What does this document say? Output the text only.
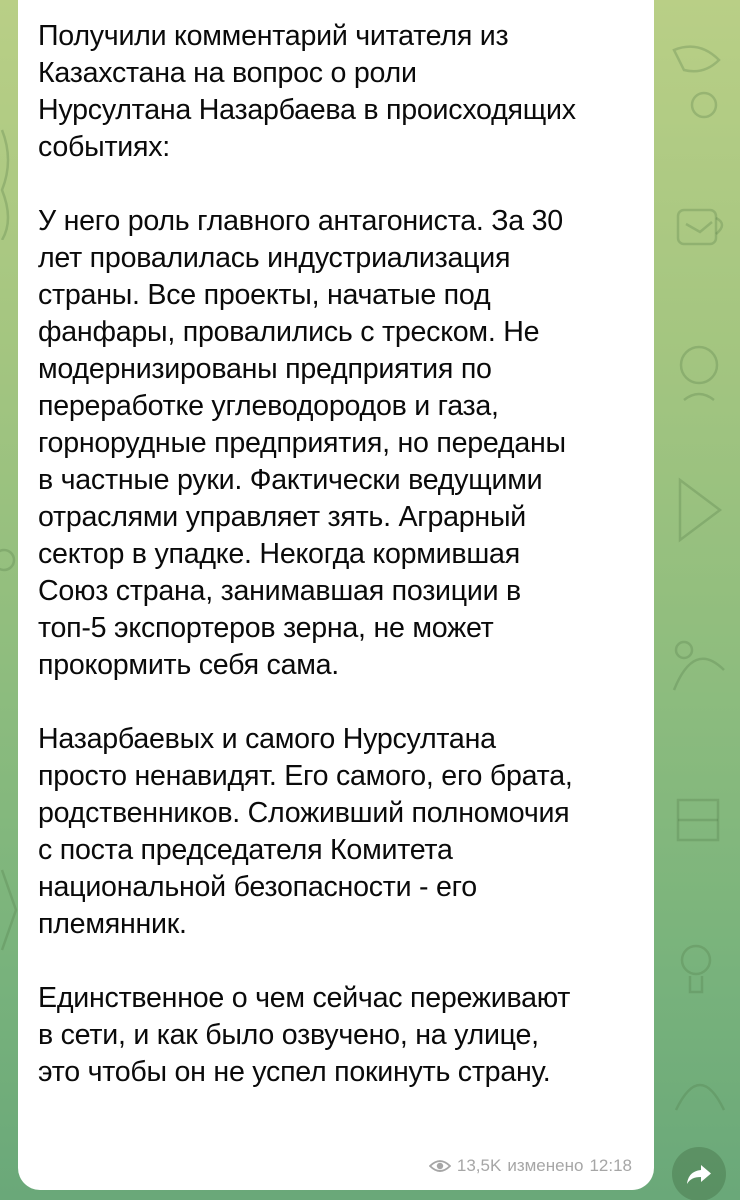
Получили комментарий читателя из

Казахстана на вопрос о роли

Нурсултана Назарбаева в происходящих

событиях:

У него роль главного антагониста. За 30

лет провалилась индустриализация

страны. Все проекты, начатые под

фанфары, провалились с треском. Не

модернизированы предприятия по

переработке углеводородов и газа,

горнорудные предприятия, но переданы

в частные руки. Фактически ведущими

отраслями управляет зять. Аграрный

сектор в упадке. Некогда кормившая

Союз страна, занимавшая позиции в

топ-5 экспортеров зерна, не может

прокормить себя сама.

Назарбаевых и самого Нурсултана

просто ненавидят. Его самого, его брата,

родственников. Сложивший полномочия

с поста председателя Комитета

национальной безопасности - его

племянник.

Единственное о чем сейчас переживают

в сети, и как было озвучено, на улице,

это чтобы он не успел покинуть страну.

13,5K изменено 12:18
